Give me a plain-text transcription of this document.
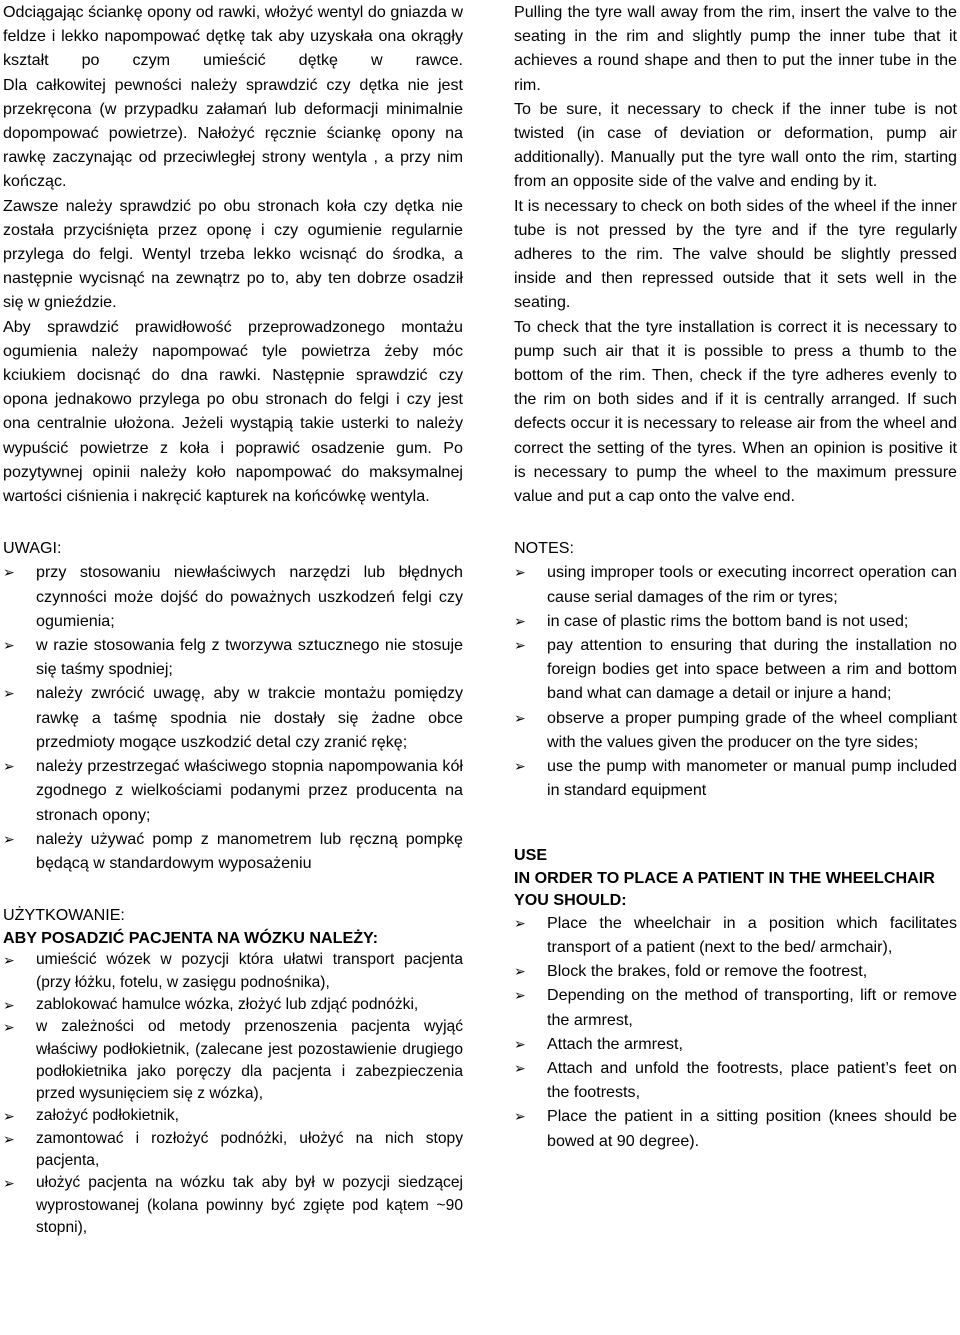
Odciągając ściankę opony od rawki, włożyć wentyl do gniazda w feldze i lekko napompować dętkę tak aby uzyskała ona okrągły kształt po czym umieścić dętkę w rawce.

Dla całkowitej pewności należy sprawdzić czy dętka nie jest przekręcona (w przypadku załamań lub deformacji minimalnie dopompować powietrze). Nałożyć ręcznie ściankę opony na rawkę zaczynając od przeciwległej strony wentyla , a przy nim kończąc.

Zawsze należy sprawdzić po obu stronach koła czy dętka nie została przyciśnięta przez oponę i czy ogumienie regularnie przylega do felgi. Wentyl trzeba lekko wcisnąć do środka, a następnie wycisnąć na zewnątrz po to, aby ten dobrze osadził się w gnieździe.

Aby sprawdzić prawidłowość przeprowadzonego montażu ogumienia należy napompować tyle powietrza żeby móc kciukiem docisnąć do dna rawki. Następnie sprawdzić czy opona jednakowo przylega po obu stronach do felgi i czy jest ona centralnie ułożona. Jeżeli wystąpią takie usterki to należy wypuścić powietrze z koła i poprawić osadzenie gum. Po pozytywnej opinii należy koło napompować do maksymalnej wartości ciśnienia i nakręcić kapturek na końcówkę wentyla.

UWAGI:

➢ przy stosowaniu niewłaściwych narzędzi lub błędnych czynności może dojść do poważnych uszkodzeń felgi czy ogumienia;
➢ w razie stosowania felg z tworzywa sztucznego nie stosuje się taśmy spodniej;
➢ należy zwrócić uwagę, aby w trakcie montażu pomiędzy rawkę a taśmę spodnia nie dostały się żadne obce przedmioty mogące uszkodzić detal czy zranić rękę;
➢ należy przestrzegać właściwego stopnia napompowania kół zgodnego z wielkościami podanymi przez producenta na stronach opony;
➢ należy używać pomp z manometrem lub ręczną pompkę będącą w standardowym wyposażeniu

UŻYTKOWANIE:

ABY POSADZIĆ PACJENTA NA WÓZKU NALEŻY:

➢ umieścić wózek w pozycji która ułatwi transport pacjenta (przy łóżku, fotelu, w zasięgu podnośnika),
➢ zablokować hamulce wózka, złożyć lub zdjąć podnóżki,
➢ w zależności od metody przenoszenia pacjenta wyjąć właściwy podłokietnik, (zalecane jest pozostawienie drugiego podłokietnika jako poręczy dla pacjenta i zabezpieczenia przed wysunięciem się z wózka),
➢ założyć podłokietnik,
➢ zamontować i rozłożyć podnóżki, ułożyć na nich stopy pacjenta,
➢ ułożyć pacjenta na wózku tak aby był w pozycji siedzącej wyprostowanej (kolana powinny być zgięte pod kątem ~90 stopni),

Pulling the tyre wall away from the rim, insert the valve to the seating in the rim and slightly pump the inner tube that it achieves a round shape and then to put the inner tube in the rim.

To be sure, it necessary to check if the inner tube is not twisted (in case of deviation or deformation, pump air additionally). Manually put the tyre wall onto the rim, starting from an opposite side of the valve and ending by it.

It is necessary to check on both sides of the wheel if the inner tube is not pressed by the tyre and if the tyre regularly adheres to the rim. The valve should be slightly pressed inside and then repressed outside that it sets well in the seating.

To check that the tyre installation is correct it is necessary to pump such air that it is possible to press a thumb to the bottom of the rim. Then, check if the tyre adheres evenly to the rim on both sides and if it is centrally arranged. If such defects occur it is necessary to release air from the wheel and correct the setting of the tyres. When an opinion is positive it is necessary to pump the wheel to the maximum pressure value and put a cap onto the valve end.

NOTES:

➢ using improper tools or executing incorrect operation can cause serial damages of the rim or tyres;
➢ in case of plastic rims the bottom band is not used;
➢ pay attention to ensuring that during the installation no foreign bodies get into space between a rim and bottom band what can damage a detail or injure a hand;
➢ observe a proper pumping grade of the wheel compliant with the values given the producer on the tyre sides;
➢ use the pump with manometer or manual pump included in standard equipment

USE

IN ORDER TO PLACE A PATIENT IN THE WHEELCHAIR YOU SHOULD:

➢ Place the wheelchair in a position which facilitates transport of a patient (next to the bed/ armchair),
➢ Block the brakes, fold or remove the footrest,
➢ Depending on the method of transporting, lift or remove the armrest,
➢ Attach the armrest,
➢ Attach and unfold the footrests, place patient’s feet on the footrests,
➢ Place the patient in a sitting position (knees should be bowed at 90 degree).
